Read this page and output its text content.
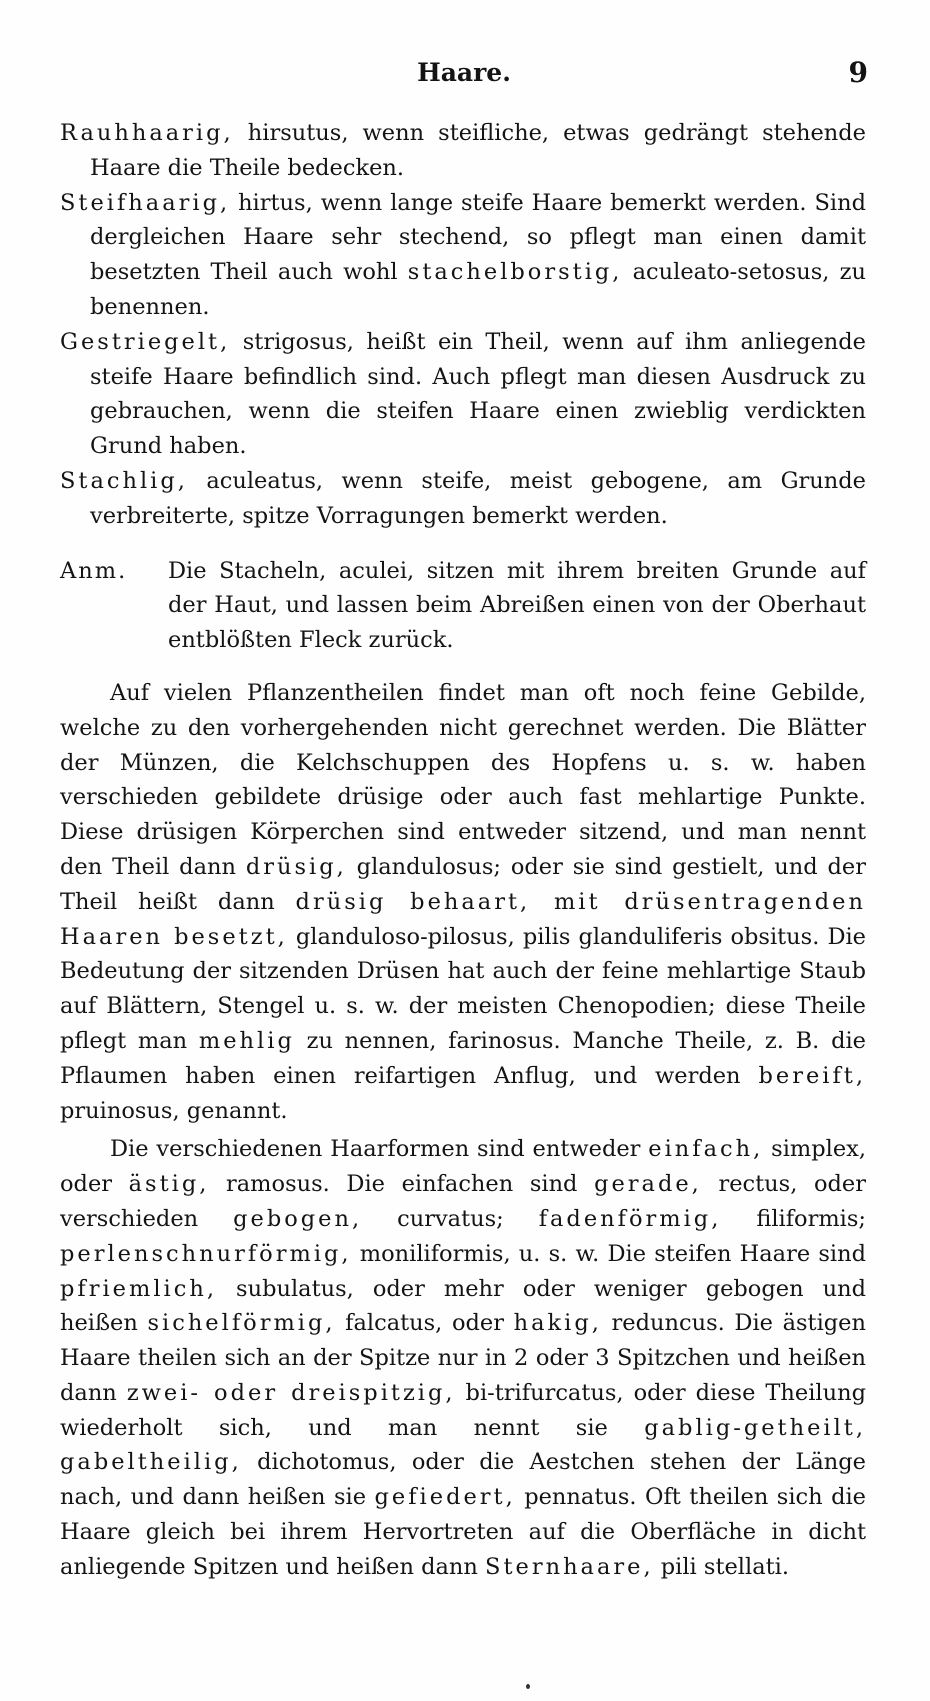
Haare.	9

Rauhhaarig, hirsutus, wenn steifliche, etwas gedrängt stehende Haare die Theile bedecken.

Steifhaarig, hirtus, wenn lange steife Haare bemerkt werden. Sind dergleichen Haare sehr stechend, so pflegt man einen damit besetzten Theil auch wohl stachelborstig, aculeato-setosus, zu benennen.

Gestriegelt, strigosus, heißt ein Theil, wenn auf ihm anliegende steife Haare befindlich sind. Auch pflegt man diesen Ausdruck zu gebrauchen, wenn die steifen Haare einen zwieblig verdickten Grund haben.

Stachlig, aculeatus, wenn steife, meist gebogene, am Grunde verbreiterte, spitze Vorragungen bemerkt werden.

Anm.	Die Stacheln, aculei, sitzen mit ihrem breiten Grunde auf der Haut, und lassen beim Abreißen einen von der Oberhaut entblößten Fleck zurück.

Auf vielen Pflanzentheilen findet man oft noch feine Gebilde, welche zu den vorhergehenden nicht gerechnet werden. Die Blätter der Münzen, die Kelchschuppen des Hopfens u. s. w. haben verschieden gebildete drüsige oder auch fast mehlartige Punkte. Diese drüsigen Körperchen sind entweder sitzend, und man nennt den Theil dann drüsig, glandulosus; oder sie sind gestielt, und der Theil heißt dann drüsig behaart, mit drüsentragenden Haaren besetzt, glanduloso-pilosus, pilis glanduliferis obsitus. Die Bedeutung der sitzenden Drüsen hat auch der feine mehlartige Staub auf Blättern, Stengel u. s. w. der meisten Chenopodien; diese Theile pflegt man mehlig zu nennen, farinosus. Manche Theile, z. B. die Pflaumen haben einen reifartigen Anflug, und werden bereift, pruinosus, genannt.

Die verschiedenen Haarformen sind entweder einfach, simplex, oder ästig, ramosus. Die einfachen sind gerade, rectus, oder verschieden gebogen, curvatus; fadenförmig, filiformis; perlenschnurförmig, moniliformis, u. s. w. Die steifen Haare sind pfriemlich, subulatus, oder mehr oder weniger gebogen und heißen sichelförmig, falcatus, oder hakig, reduncus. Die ästigen Haare theilen sich an der Spitze nur in 2 oder 3 Spitzchen und heißen dann zwei- oder dreispitzig, bi-trifurcatus, oder diese Theilung wiederholt sich, und man nennt sie gablig-getheilt, gabeltheilig, dichotomus, oder die Aestchen stehen der Länge nach, und dann heißen sie gefiedert, pennatus. Oft theilen sich die Haare gleich bei ihrem Hervortreten auf die Oberfläche in dicht anliegende Spitzen und heißen dann Sternhaare, pili stellati.
